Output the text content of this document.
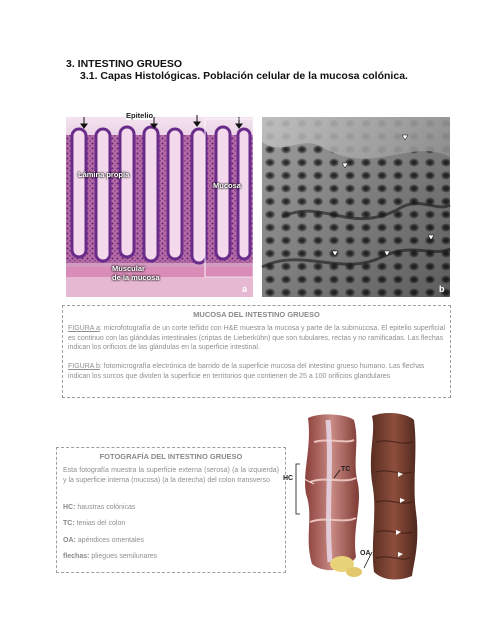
3. INTESTINO GRUESO
3.1. Capas Histológicas. Población celular de la mucosa colónica.
Epitelio
Lámina propia
Mucosa
Muscular
de la mucosa
a	b
MUCOSA DEL INTESTINO GRUESO
FIGURA a: microfotografía de un corte teñido con H&E muestra la mucosa y parte de la submucosa. El epitelio superficial es continuo con las glándulas intestinales (criptas de Lieberkühn) que son tubulares, rectas y no ramificadas. Las flechas indican los orificios de las glándulas en la superficie intestinal.
FIGURA b: fotomicrografía electrónica de barrido de la superficie mucosa del intestino grueso humano. Las flechas indican los surcos que dividen la superficie en territorios que contienen de 25 a 100 orificios glandulares
FOTOGRAFÍA DEL INTESTINO GRUESO
Esta fotografía muestra la superficie externa (serosa) (a la izquierda) y la superficie interna (mucosa) (a la derecha) del colon transverso
HC: haustras colónicas
TC: tenias del colon
OA: apéndices omentales
flechas: pliegues semilunares
TC
HC
OA
